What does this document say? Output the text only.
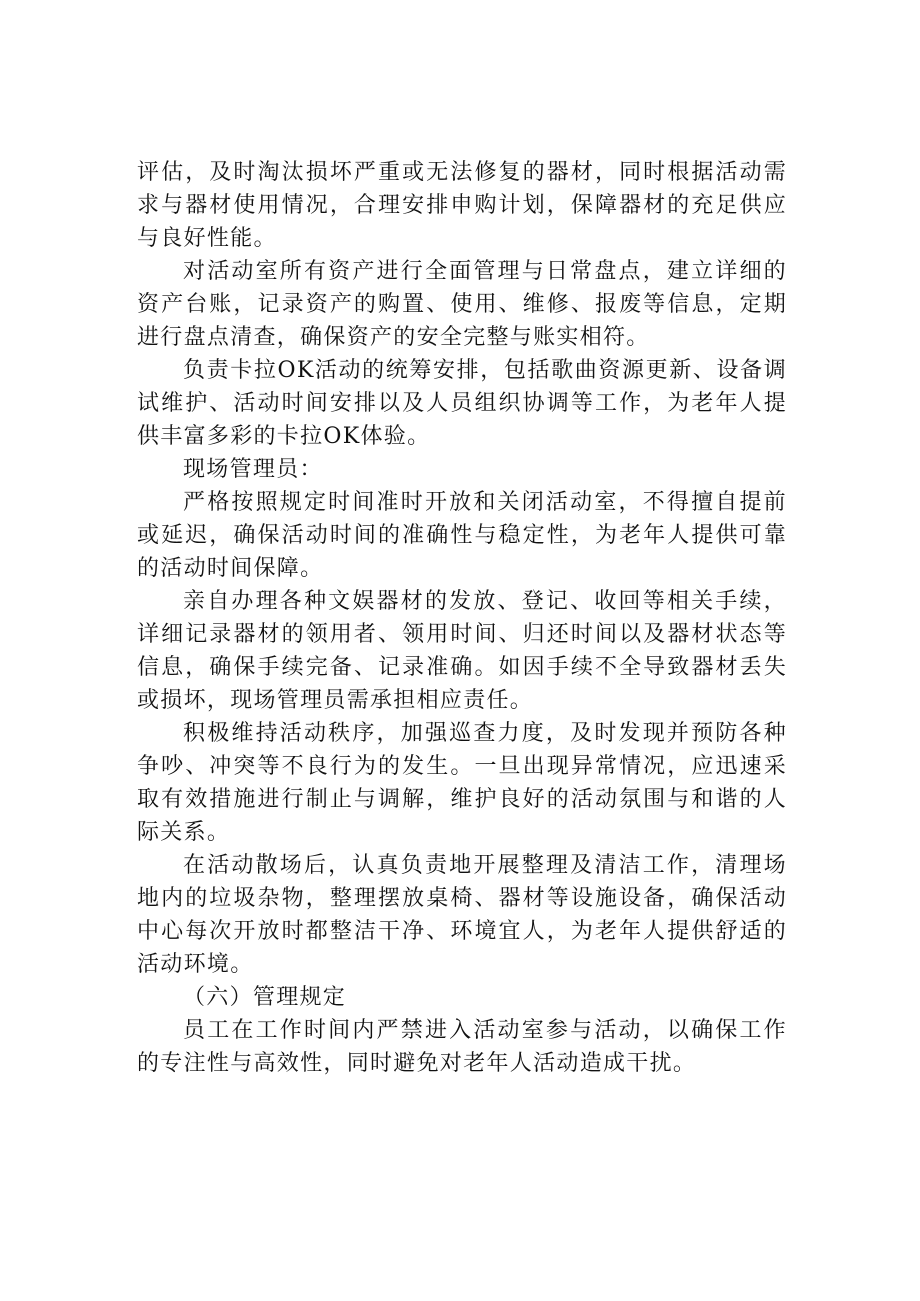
评估，及时淘汰损坏严重或无法修复的器材，同时根据活动需求与器材使用情况，合理安排申购计划，保障器材的充足供应与良好性能。

对活动室所有资产进行全面管理与日常盘点，建立详细的资产台账，记录资产的购置、使用、维修、报废等信息，定期进行盘点清查，确保资产的安全完整与账实相符。

负责卡拉OK活动的统筹安排，包括歌曲资源更新、设备调试维护、活动时间安排以及人员组织协调等工作，为老年人提供丰富多彩的卡拉OK体验。

现场管理员：

严格按照规定时间准时开放和关闭活动室，不得擅自提前或延迟，确保活动时间的准确性与稳定性，为老年人提供可靠的活动时间保障。

亲自办理各种文娱器材的发放、登记、收回等相关手续，详细记录器材的领用者、领用时间、归还时间以及器材状态等信息，确保手续完备、记录准确。如因手续不全导致器材丢失或损坏，现场管理员需承担相应责任。

积极维持活动秩序，加强巡查力度，及时发现并预防各种争吵、冲突等不良行为的发生。一旦出现异常情况，应迅速采取有效措施进行制止与调解，维护良好的活动氛围与和谐的人际关系。

在活动散场后，认真负责地开展整理及清洁工作，清理场地内的垃圾杂物，整理摆放桌椅、器材等设施设备，确保活动中心每次开放时都整洁干净、环境宜人，为老年人提供舒适的活动环境。

（六）管理规定

员工在工作时间内严禁进入活动室参与活动，以确保工作的专注性与高效性，同时避免对老年人活动造成干扰。
